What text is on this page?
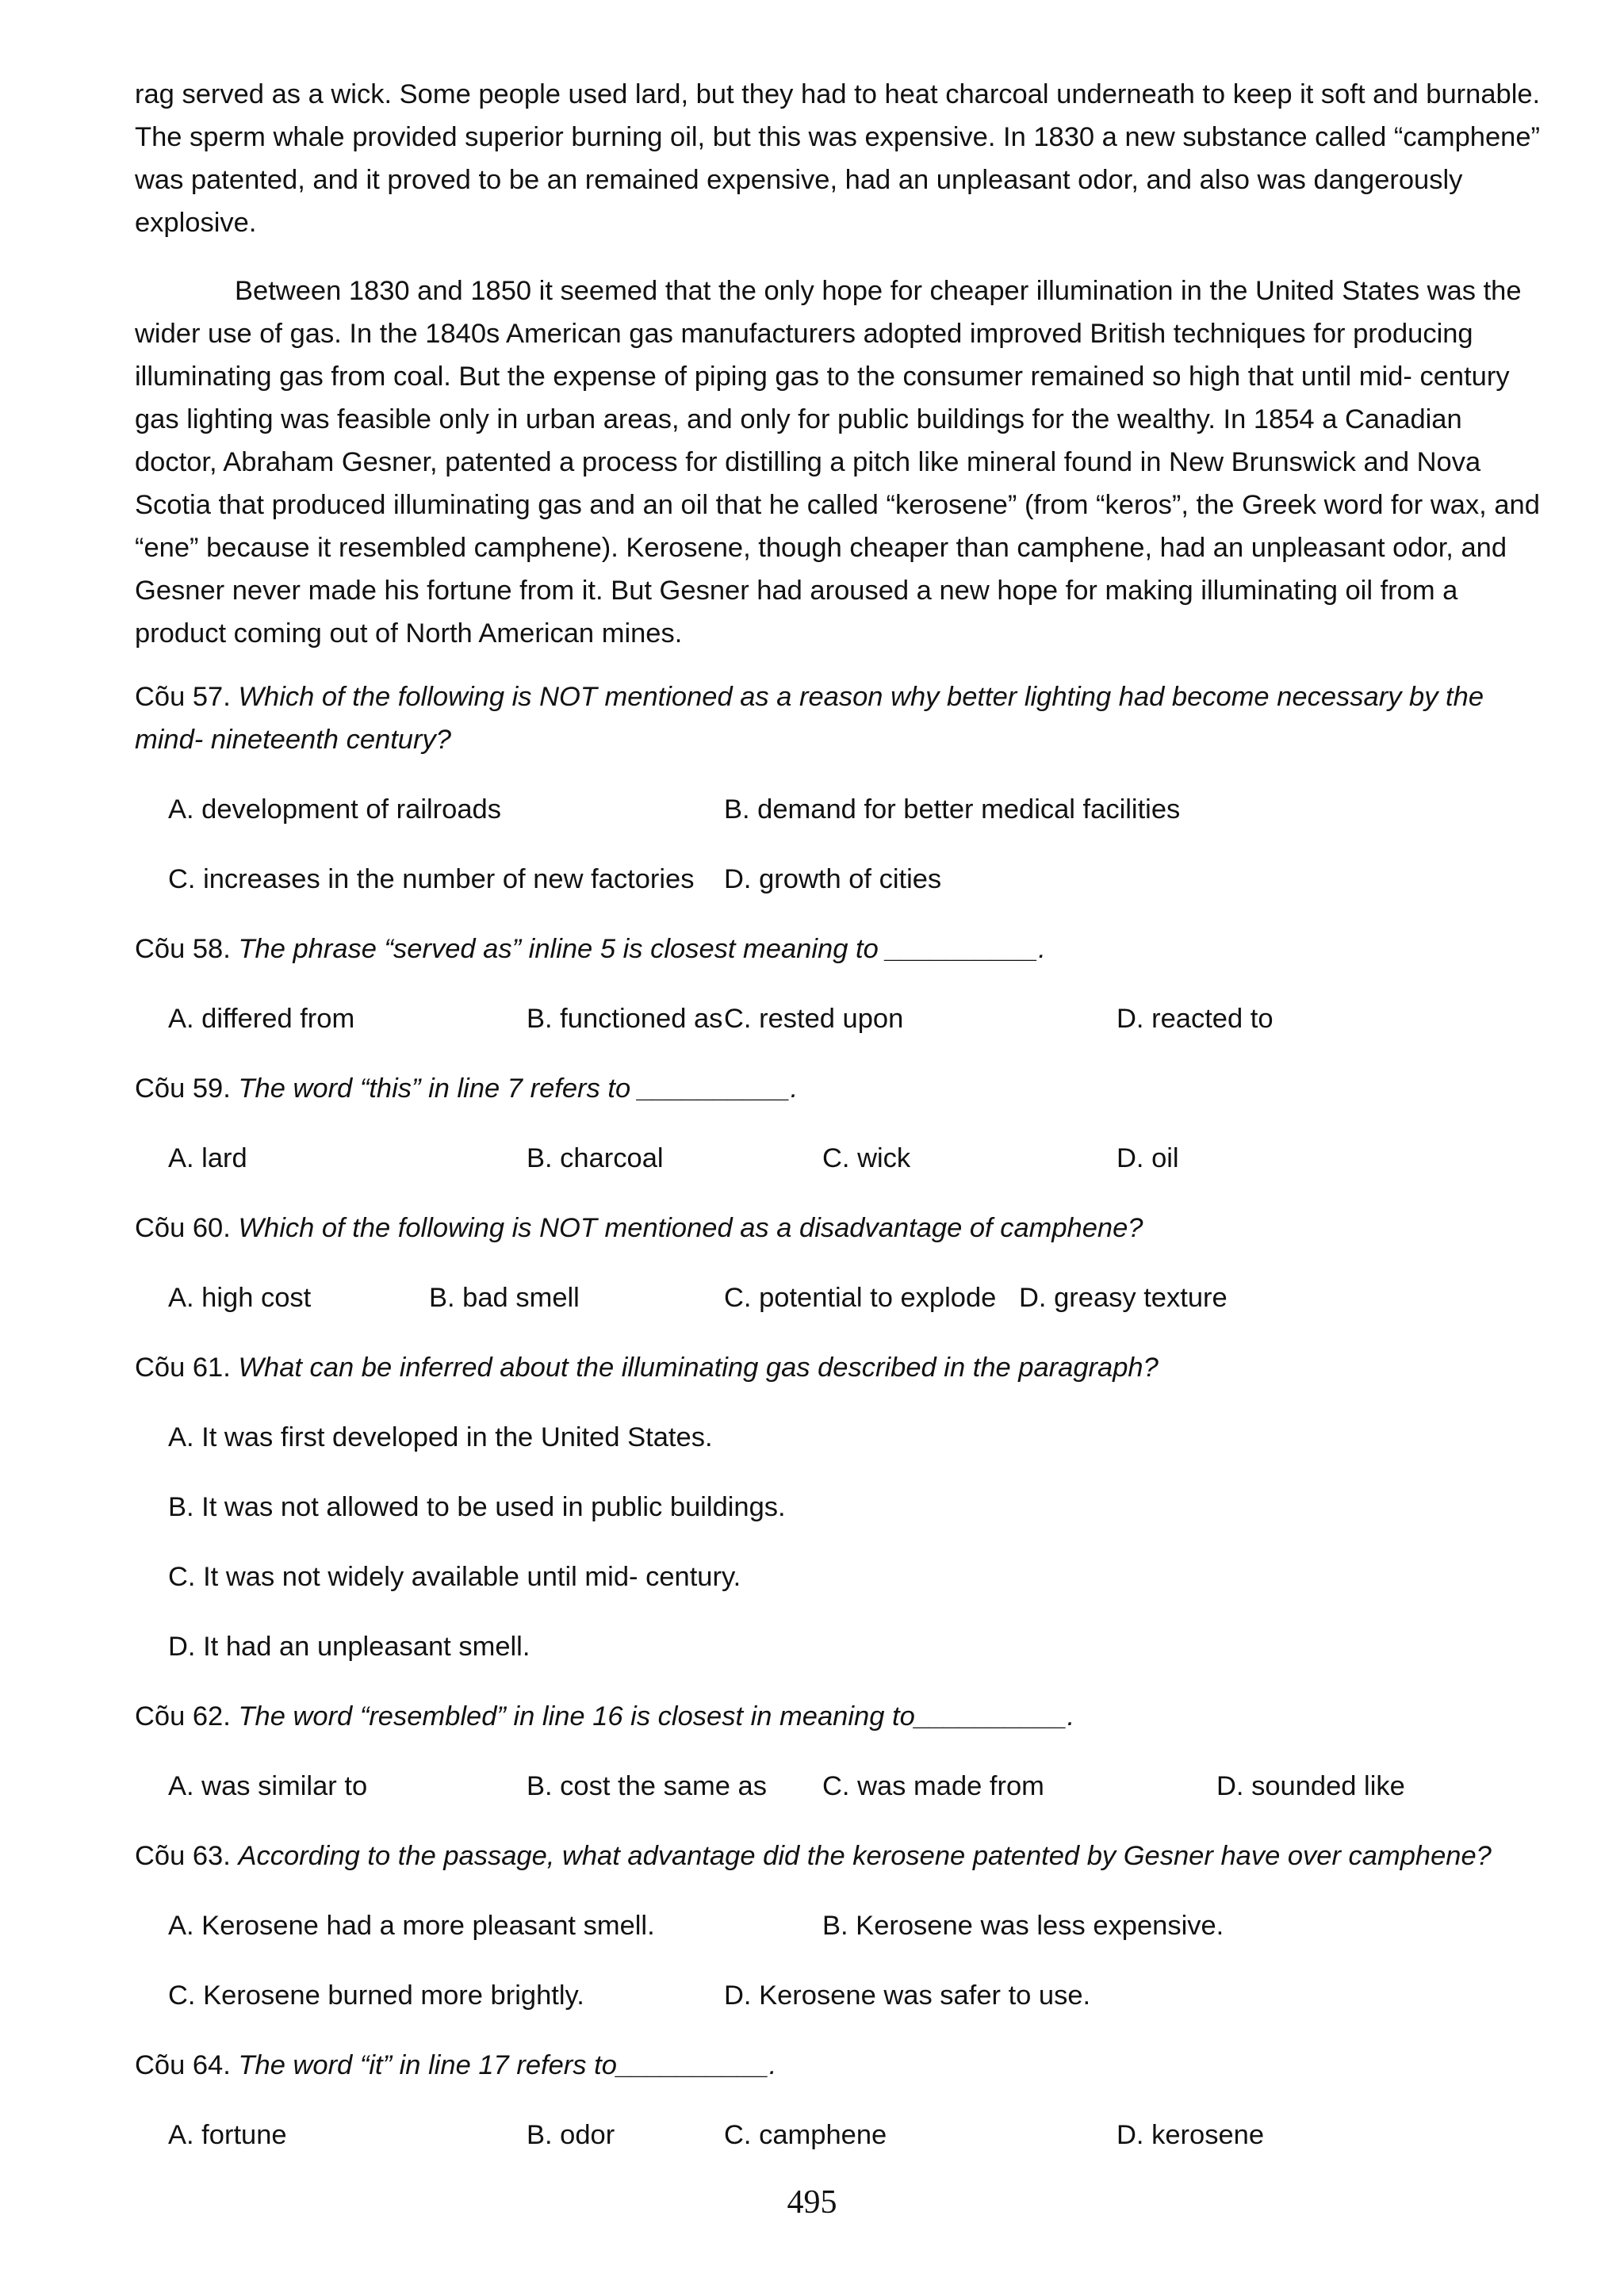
rag served as a wick. Some people used lard, but they had to heat charcoal underneath to keep it soft and burnable. The sperm whale provided superior burning oil, but this was expensive. In 1830 a new substance called “camphene” was patented, and it proved to be an remained expensive, had an unpleasant odor, and also was dangerously explosive.

Between 1830 and 1850 it seemed that the only hope for cheaper illumination in the United States was the wider use of gas. In the 1840s American gas manufacturers adopted improved British techniques for producing illuminating gas from coal. But the expense of piping gas to the consumer remained so high that until mid- century gas lighting was feasible only in urban areas, and only for public buildings for the wealthy. In 1854 a Canadian doctor, Abraham Gesner, patented a process for distilling a pitch like mineral found in New Brunswick and Nova Scotia that produced illuminating gas and an oil that he called “kerosene” (from “keros”, the Greek word for wax, and “ene” because it resembled camphene). Kerosene, though cheaper than camphene, had an unpleasant odor, and Gesner never made his fortune from it. But Gesner had aroused a new hope for making illuminating oil from a product coming out of North American mines.

Cõu 57. Which of the following is NOT mentioned as a reason why better lighting had become necessary by the mind- nineteenth century?

A. development of railroads	B. demand for better medical facilities

C. increases in the number of new factories D. growth of cities

Cõu 58. The phrase “served as” inline 5 is closest meaning to __________.

A. differed from	B. functioned as C. rested upon	D. reacted to

Cõu 59. The word “this” in line 7 refers to __________.

A. lard	B. charcoal	C. wick	D. oil

Cõu 60. Which of the following is NOT mentioned as a disadvantage of camphene?

A. high cost	B. bad smell	C. potential to explode D. greasy texture

Cõu 61. What can be inferred about the illuminating gas described in the paragraph?

A. It was first developed in the United States.

B. It was not allowed to be used in public buildings.

C. It was not widely available until mid- century.

D. It had an unpleasant smell.

Cõu 62. The word “resembled” in line 16 is closest in meaning to__________.

A. was similar to	B. cost the same as C. was made from	D. sounded like

Cõu 63. According to the passage, what advantage did the kerosene patented by Gesner have over camphene?

A. Kerosene had a more pleasant smell.	B. Kerosene was less expensive.

C. Kerosene burned more brightly.	D. Kerosene was safer to use.

Cõu 64. The word “it” in line 17 refers to__________.

A. fortune	B. odor	C. camphene	D. kerosene

495
